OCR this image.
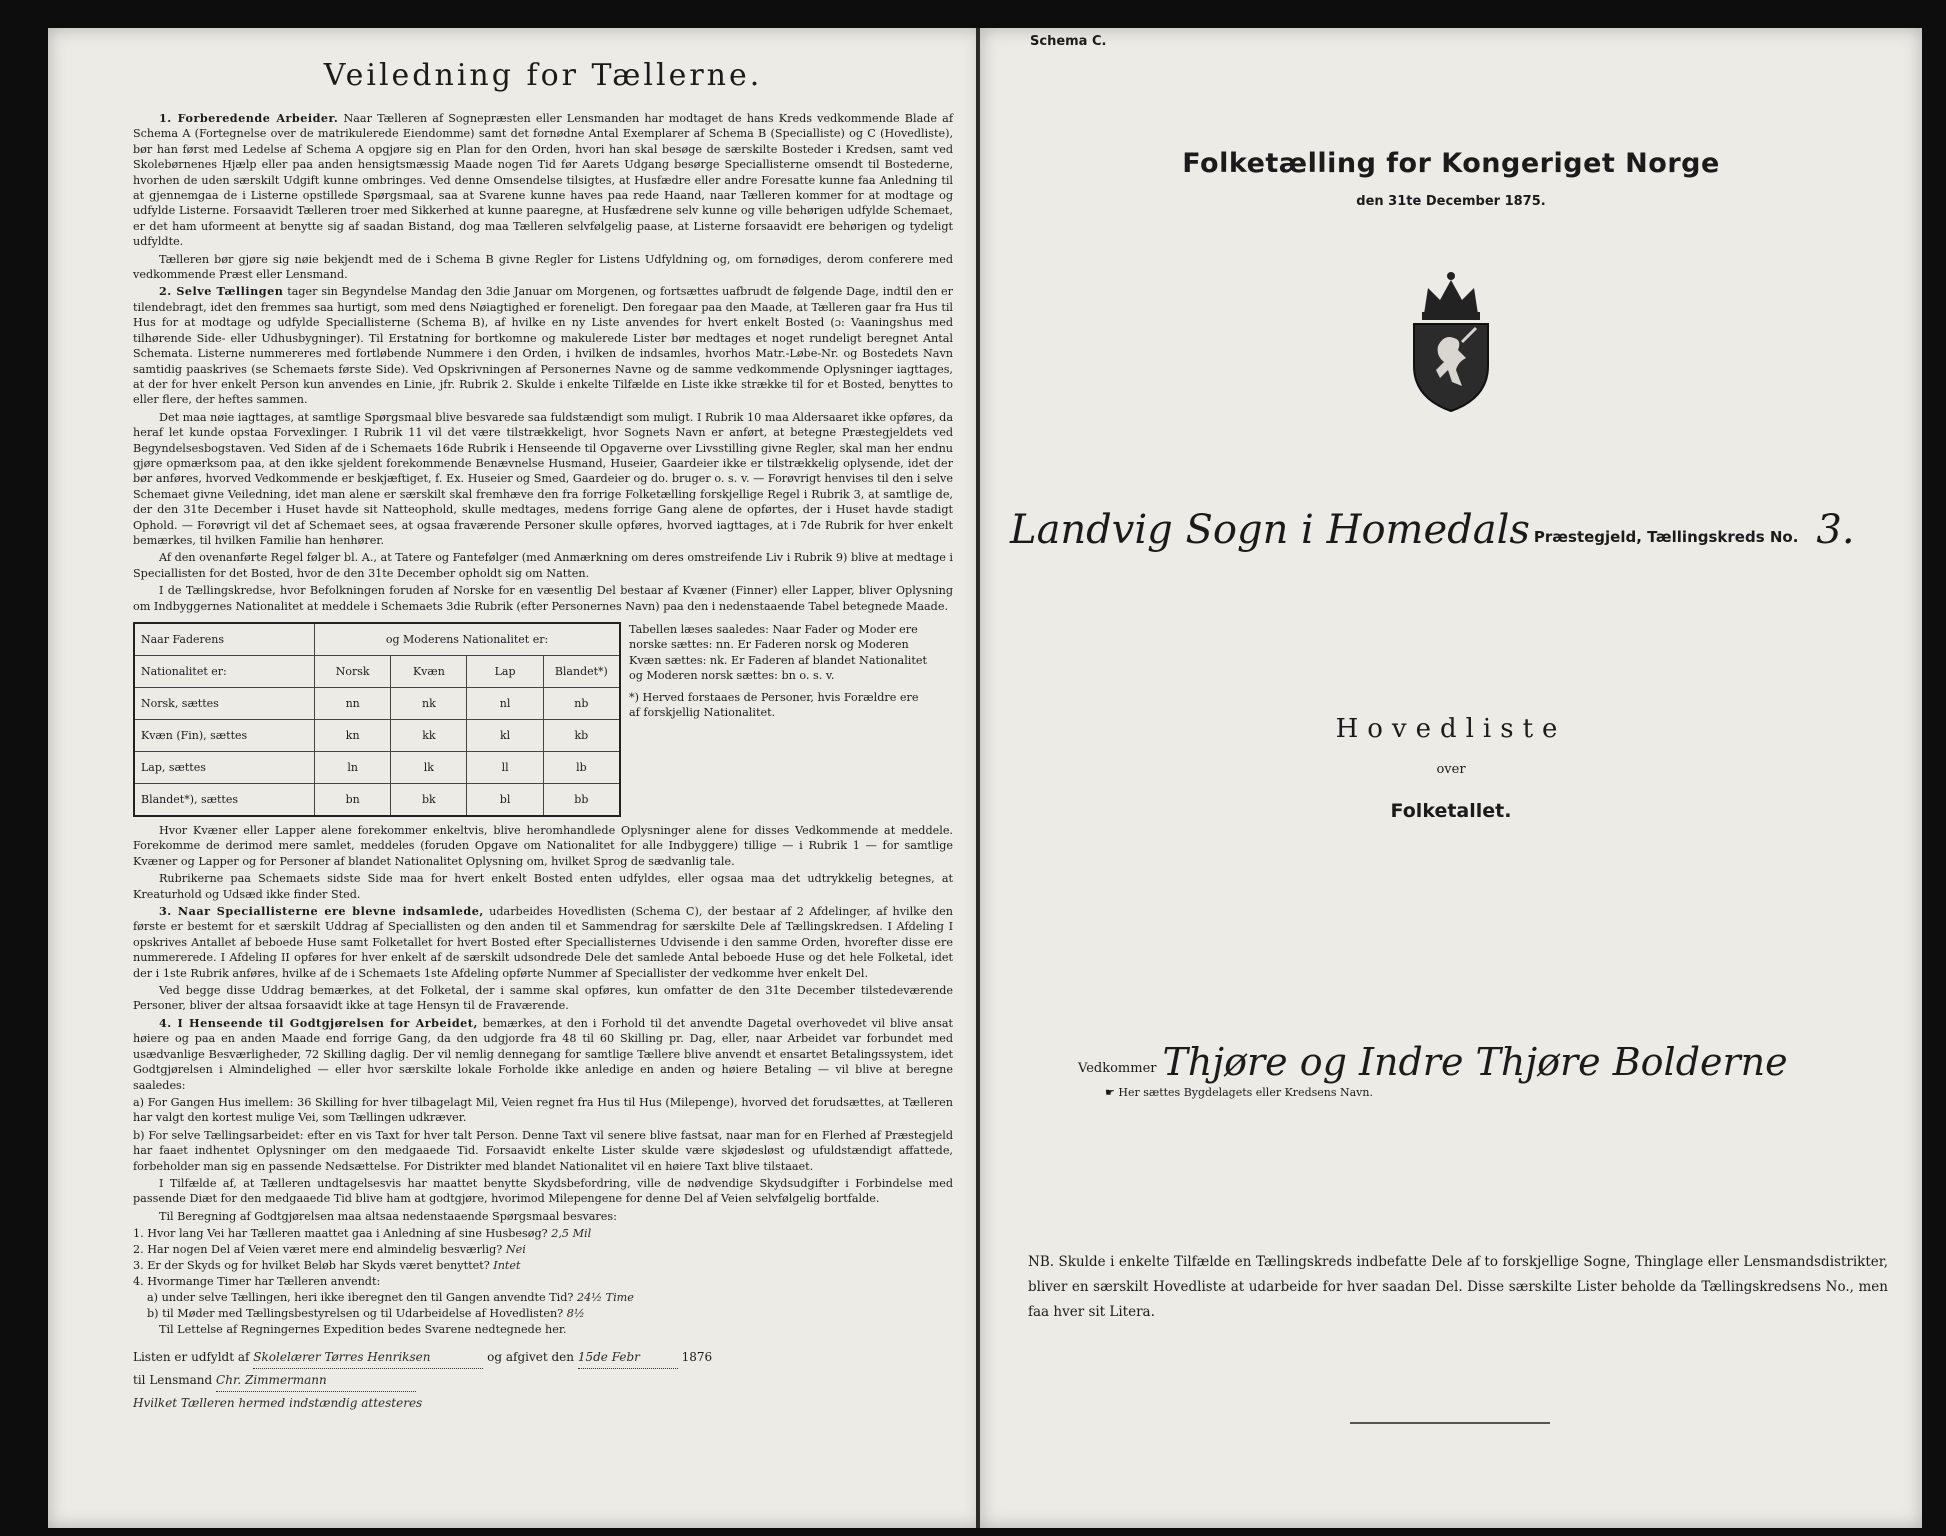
Veiledning for Tællerne.

1. Forberedende Arbeider. Naar Tælleren af Sognepræsten eller Lensmanden har modtaget de hans Kreds vedkommende Blade af Schema A (Fortegnelse over de matrikulerede Eiendomme) samt det fornødne Antal Exemplarer af Schema B (Specialliste) og C (Hovedliste), bør han først med Ledelse af Schema A opgjøre sig en Plan for den Orden, hvori han skal besøge de særskilte Bosteder i Kredsen, samt ved Skolebørnenes Hjælp eller paa anden hensigtsmæssig Maade nogen Tid før Aarets Udgang besørge Speciallisterne omsendt til Bostederne, hvorhen de uden særskilt Udgift kunne ombringes. Ved denne Omsendelse tilsigtes, at Husfædre eller andre Foresatte kunne faa Anledning til at gjennemgaa de i Listerne opstillede Spørgsmaal, saa at Svarene kunne haves paa rede Haand, naar Tælleren kommer for at modtage og udfylde Listerne. Forsaavidt Tælleren troer med Sikkerhed at kunne paaregne, at Husfædrene selv kunne og ville behørigen udfylde Schemaet, er det ham uformeent at benytte sig af saadan Bistand, dog maa Tælleren selvfølgelig paase, at Listerne forsaavidt ere behørigen og tydeligt udfyldte.

Tælleren bør gjøre sig nøie bekjendt med de i Schema B givne Regler for Listens Udfyldning og, om fornødiges, derom conferere med vedkommende Præst eller Lensmand.

2. Selve Tællingen tager sin Begyndelse Mandag den 3die Januar om Morgenen, og fortsættes uafbrudt de følgende Dage, indtil den er tilendebragt, idet den fremmes saa hurtigt, som med dens Nøiagtighed er foreneligt. Den foregaar paa den Maade, at Tælleren gaar fra Hus til Hus for at modtage og udfylde Speciallisterne (Schema B), af hvilke en ny Liste anvendes for hvert enkelt Bosted (ɔ: Vaaningshus med tilhørende Side- eller Udhusbygninger). Til Erstatning for bortkomne og makulerede Lister bør medtages et noget rundeligt beregnet Antal Schemata. Listerne nummereres med fortløbende Nummere i den Orden, i hvilken de indsamles, hvorhos Matr.-Løbe-Nr. og Bostedets Navn samtidig paaskrives (se Schemaets første Side). Ved Opskrivningen af Personernes Navne og de samme vedkommende Oplysninger iagttages, at der for hver enkelt Person kun anvendes en Linie, jfr. Rubrik 2. Skulde i enkelte Tilfælde en Liste ikke strække til for et Bosted, benyttes to eller flere, der heftes sammen.

Det maa nøie iagttages, at samtlige Spørgsmaal blive besvarede saa fuldstændigt som muligt. I Rubrik 10 maa Aldersaaret ikke opføres, da heraf let kunde opstaa Forvexlinger. I Rubrik 11 vil det være tilstrækkeligt, hvor Sognets Navn er anført, at betegne Præstegjeldets ved Begyndelsesbogstaven. Ved Siden af de i Schemaets 16de Rubrik i Henseende til Opgaverne over Livsstilling givne Regler, skal man her endnu gjøre opmærksom paa, at den ikke sjeldent forekommende Benævnelse Husmand, Huseier, Gaardeier ikke er tilstrækkelig oplysende, idet der bør anføres, hvorved Vedkommende er beskjæftiget, f. Ex. Huseier og Smed, Gaardeier og do. bruger o. s. v. — Forøvrigt henvises til den i selve Schemaet givne Veiledning, idet man alene er særskilt skal fremhæve den fra forrige Folketælling forskjellige Regel i Rubrik 3, at samtlige de, der den 31te December i Huset havde sit Natteophold, skulle medtages, medens forrige Gang alene de opførtes, der i Huset havde stadigt Ophold. — Forøvrigt vil det af Schemaet sees, at ogsaa fraværende Personer skulle opføres, hvorved iagttages, at i 7de Rubrik for hver enkelt bemærkes, til hvilken Familie han henhører.

Af den ovenanførte Regel følger bl. A., at Tatere og Fantefølger (med Anmærkning om deres omstreifende Liv i Rubrik 9) blive at medtage i Speciallisten for det Bosted, hvor de den 31te December opholdt sig om Natten.

I de Tællingskredse, hvor Befolkningen foruden af Norske for en væsentlig Del bestaar af Kvæner (Finner) eller Lapper, bliver Oplysning om Indbyggernes Nationalitet at meddele i Schemaets 3die Rubrik (efter Personernes Navn) paa den i nedenstaaende Tabel betegnede Maade.

Naar Faderens	og Moderens Nationalitet er:			
Nationalitet er:	Norsk	Kvæn	Lap	Blandet*)
Norsk, sættes	nn	nk	nl	nb
Kvæn (Fin), sættes	kn	kk	kl	kb
Lap, sættes	ln	lk	ll	lb
Blandet*), sættes	bn	bk	bl	bb
Tabellen læses saaledes: Naar Fader og Moder ere norske sættes: nn. Er Faderen norsk og Moderen Kvæn sættes: nk. Er Faderen af blandet Nationalitet og Moderen norsk sættes: bn o. s. v.
*) Herved forstaaes de Personer, hvis Forældre ere af forskjellig Nationalitet.

Hvor Kvæner eller Lapper alene forekommer enkeltvis, blive heromhandlede Oplysninger alene for disses Vedkommende at meddele. Forekomme de derimod mere samlet, meddeles (foruden Opgave om Nationalitet for alle Indbyggere) tillige — i Rubrik 1 — for samtlige Kvæner og Lapper og for Personer af blandet Nationalitet Oplysning om, hvilket Sprog de sædvanlig tale.

Rubrikerne paa Schemaets sidste Side maa for hvert enkelt Bosted enten udfyldes, eller ogsaa maa det udtrykkelig betegnes, at Kreaturhold og Udsæd ikke finder Sted.

3. Naar Speciallisterne ere blevne indsamlede, udarbeides Hovedlisten (Schema C), der bestaar af 2 Afdelinger, af hvilke den første er bestemt for et særskilt Uddrag af Speciallisten og den anden til et Sammendrag for særskilte Dele af Tællingskredsen. I Afdeling I opskrives Antallet af beboede Huse samt Folketallet for hvert Bosted efter Speciallisternes Udvisende i den samme Orden, hvorefter disse ere nummererede. I Afdeling II opføres for hver enkelt af de særskilt udsondrede Dele det samlede Antal beboede Huse og det hele Folketal, idet der i 1ste Rubrik anføres, hvilke af de i Schemaets 1ste Afdeling opførte Nummer af Speciallister der vedkomme hver enkelt Del.

Ved begge disse Uddrag bemærkes, at det Folketal, der i samme skal opføres, kun omfatter de den 31te December tilstedeværende Personer, bliver der altsaa forsaavidt ikke at tage Hensyn til de Fraværende.

4. I Henseende til Godtgjørelsen for Arbeidet, bemærkes, at den i Forhold til det anvendte Dagetal overhovedet vil blive ansat høiere og paa en anden Maade end forrige Gang, da den udgjorde fra 48 til 60 Skilling pr. Dag, eller, naar Arbeidet var forbundet med usædvanlige Besværligheder, 72 Skilling daglig. Der vil nemlig dennegang for samtlige Tællere blive anvendt et ensartet Betalingssystem, idet Godtgjørelsen i Almindelighed — eller hvor særskilte lokale Forholde ikke anledige en anden og høiere Betaling — vil blive at beregne saaledes:

a) For Gangen Hus imellem: 36 Skilling for hver tilbagelagt Mil, Veien regnet fra Hus til Hus (Milepenge), hvorved det forudsættes, at Tælleren har valgt den kortest mulige Vei, som Tællingen udkræver.

b) For selve Tællingsarbeidet: efter en vis Taxt for hver talt Person. Denne Taxt vil senere blive fastsat, naar man for en Flerhed af Præstegjeld har faaet indhentet Oplysninger om den medgaaede Tid. Forsaavidt enkelte Lister skulde være skjødesløst og ufuldstændigt affattede, forbeholder man sig en passende Nedsættelse. For Distrikter med blandet Nationalitet vil en høiere Taxt blive tilstaaet.

I Tilfælde af, at Tælleren undtagelsesvis har maattet benytte Skydsbefordring, ville de nødvendige Skydsudgifter i Forbindelse med passende Diæt for den medgaaede Tid blive ham at godtgjøre, hvorimod Milepengene for denne Del af Veien selvfølgelig bortfalde.

Til Beregning af Godtgjørelsen maa altsaa nedenstaaende Spørgsmaal besvares:

1. Hvor lang Vei har Tælleren maattet gaa i Anledning af sine Husbesøg? 2,5 Mil
2. Har nogen Del af Veien været mere end almindelig besværlig? Nei
3. Er der Skyds og for hvilket Beløb har Skyds været benyttet? Intet
4. Hvormange Timer har Tælleren anvendt:
a) under selve Tællingen, heri ikke iberegnet den til Gangen anvendte Tid? 24½ Time
b) til Møder med Tællingsbestyrelsen og til Udarbeidelse af Hovedlisten? 8½
Til Lettelse af Regningernes Expedition bedes Svarene nedtegnede her.
Listen er udfyldt af Skolelærer Tørres Henriksen	og afgivet den 15de Febr	1876
til Lensmand Chr. Zimmermann
Hvilket Tælleren hermed indstændig attesteres
Schema C.
Folketælling for Kongeriget Norge
den 31te December 1875.
Landvig Sogn i Homedals Præstegjeld, Tællingskreds No. 3.
Hovedliste
over
Folketallet.
Vedkommer Thjøre og Indre Thjøre Bolderne
☛ Her sættes Bygdelagets eller Kredsens Navn.
NB. Skulde i enkelte Tilfælde en Tællingskreds indbefatte Dele af to forskjellige Sogne, Thinglage eller Lensmandsdistrikter, bliver en særskilt Hovedliste at udarbeide for hver saadan Del. Disse særskilte Lister beholde da Tællingskredsens No., men faa hver sit Litera.
